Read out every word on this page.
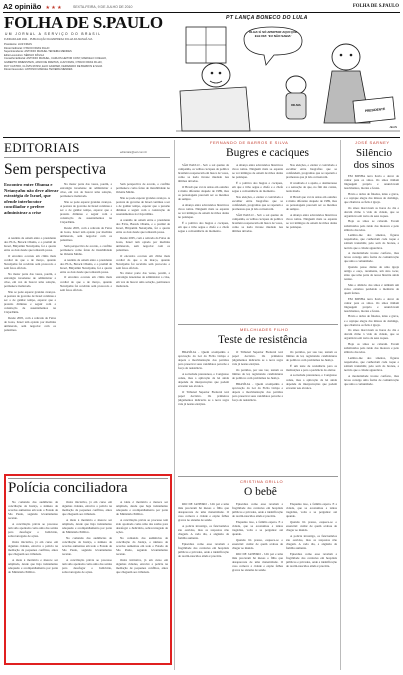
A2 opinião ★ ★ ★	SEXTA-FEIRA, 9 DE JULHO DE 2010	FOLHA DE S.PAULO
FOLHA DE S.PAULO
UM JORNAL A SERVIÇO DO BRASIL
FUNDADA EM 1921 · PUBLICAÇÃO DA EMPRESA FOLHA DA MANHÃ S/A
Presidente: LUIZ FRIAS
Diretor Editorial: OTAVIO FRIAS FILHO
Superintendente: ANTONIO MANUEL TEIXEIRA MENDES
Editor-executivo: SÉRGIO DÁVILA
Conselho Editorial: ANTONIO MANUEL, CARLOS HEITOR CONY, MARCELO COELHO,
GILBERTO DIMENSTEIN, JANIO DE FREITAS, LUIZ FRIAS, OTAVIO FRIAS FILHO,
RUY CASTRO, CLÓVIS ROSSI, ELIO GASPARI, FERNANDO DE BARROS E SILVA
Diretor Executivo: ANTONIO MANUEL TEIXEIRA MENDES
PT LANÇA BONECO DO LULA
OLHA! É SÓ APERTAR AQUI QUE ELE DIZ: 'EU NÃO SABIA'
DILMA
PRESIDENTE
JEAN
EDITORIAIS	editoriais@uol.com.br
Sem perspectiva
Encontro entre Obama e Netanyahu não deve alterar estratégia de Israel, que ofende interlocutor conciliador e prefere administrar a crise

A reunião de ontem entre o presidente dos EUA, Barack Obama, e o premiê de Israel, Binyamin Netanyahu, foi a quarta entre os dois desde que tomaram posse.

O encontro ocorreu em clima mais cordial do que o de março, quando Netanyahu foi recebido sem protocolo e sem fotos oficiais.

Na maior parte das vezes, porém, a estratégia israelense de administrar a crise, em vez de buscar uma solução, permanece inalterada.

Não se pode esperar grandes avanços. A postura do governo de Israel continua a ser a de ganhar tempo, esperar que a pressão diminua e seguir com a construção de assentamentos na Cisjordânia.

Desde 2005, com a retirada da Faixa de Gaza, Israel tem optado por medidas unilaterais, sem negociar com os palestinos.

Na maior parte das vezes, porém, a estratégia israelense de administrar a crise, em vez de buscar uma solução, permanece inalterada.

Não se pode esperar grandes avanços. A postura do governo de Israel continua a ser a de ganhar tempo, esperar que a pressão diminua e seguir com a construção de assentamentos na Cisjordânia.

Desde 2005, com a retirada da Faixa de Gaza, Israel tem optado por medidas unilaterais, sem negociar com os palestinos.

Sem perspectiva de acordo, o conflito permanece como fonte de instabilidade no Oriente Médio.

A reunião de ontem entre o presidente dos EUA, Barack Obama, e o premiê de Israel, Binyamin Netanyahu, foi a quarta entre os dois desde que tomaram posse.

O encontro ocorreu em clima mais cordial do que o de março, quando Netanyahu foi recebido sem protocolo e sem fotos oficiais.

Sem perspectiva de acordo, o conflito permanece como fonte de instabilidade no Oriente Médio.

Não se pode esperar grandes avanços. A postura do governo de Israel continua a ser a de ganhar tempo, esperar que a pressão diminua e seguir com a construção de assentamentos na Cisjordânia.

A reunião de ontem entre o presidente dos EUA, Barack Obama, e o premiê de Israel, Binyamin Netanyahu, foi a quarta entre os dois desde que tomaram posse.

Desde 2005, com a retirada da Faixa de Gaza, Israel tem optado por medidas unilaterais, sem negociar com os palestinos.

O encontro ocorreu em clima mais cordial do que o de março, quando Netanyahu foi recebido sem protocolo e sem fotos oficiais.

Na maior parte das vezes, porém, a estratégia israelense de administrar a crise, em vez de buscar uma solução, permanece inalterada.

Polícia conciliadora

No comando das audiências de conciliação da Justiça, o número de acordos aumentou em todo o Estado de São Paulo, segundo levantamento recente.

A conciliação prévia ao processo tem sido apontada como uma das saídas para desafogar o Judiciário, sobrecarregado de ações.

Outra iniciativa, já em curso em algumas cidades, envolve a polícia na mediação de pequenos conflitos, antes que cheguem aos tribunais.

A ideia é meritória e merece ser ampliada, desde que haja treinamento adequado e acompanhamento por parte do Ministério Público.

Outra iniciativa, já em curso em algumas cidades, envolve a polícia na mediação de pequenos conflitos, antes que cheguem aos tribunais.

A ideia é meritória e merece ser ampliada, desde que haja treinamento adequado e acompanhamento por parte do Ministério Público.

No comando das audiências de conciliação da Justiça, o número de acordos aumentou em todo o Estado de São Paulo, segundo levantamento recente.

A conciliação prévia ao processo tem sido apontada como uma das saídas para desafogar o Judiciário, sobrecarregado de ações.

A ideia é meritória e merece ser ampliada, desde que haja treinamento adequado e acompanhamento por parte do Ministério Público.

A conciliação prévia ao processo tem sido apontada como uma das saídas para desafogar o Judiciário, sobrecarregado de ações.

No comando das audiências de conciliação da Justiça, o número de acordos aumentou em todo o Estado de São Paulo, segundo levantamento recente.

Outra iniciativa, já em curso em algumas cidades, envolve a polícia na mediação de pequenos conflitos, antes que cheguem aos tribunais.

FERNANDO DE BARROS E SILVA
Bugres e caciques

SÃO PAULO - Sob o sol quente da campanha, os velhos caciques da política brasileira reaparecem em busca de votos, como se nada tivesse mudado nas últimas décadas.

O Brasil que vai às urnas em outubro é muito diferente daquele de 1989, mas os personagens parecem ser os mesmos de sempre.

A aliança entre adversários históricos virou rotina. Ninguém mais se espanta ao ver inimigos de ontem de mãos dadas no palanque.

É a política dos bugres e caciques, em que a tribo segue o chefe e o chefe segue a conveniência do momento.

A aliança entre adversários históricos virou rotina. Ninguém mais se espanta ao ver inimigos de ontem de mãos dadas no palanque.

É a política dos bugres e caciques, em que a tribo segue o chefe e o chefe segue a conveniência do momento.

Nas eleições, o eleitor é convidado a escolher entre biografias que se confundem, programas que se repetem e promessas que já não convencem.

SÃO PAULO - Sob o sol quente da campanha, os velhos caciques da política brasileira reaparecem em busca de votos, como se nada tivesse mudado nas últimas décadas.

Nas eleições, o eleitor é convidado a escolher entre biografias que se confundem, programas que se repetem e promessas que já não convencem.

O resultado é a apatia, o desinteresse e a sensação de que, no fim das contas, nada muda.

O Brasil que vai às urnas em outubro é muito diferente daquele de 1989, mas os personagens parecem ser os mesmos de sempre.

A aliança entre adversários históricos virou rotina. Ninguém mais se espanta ao ver inimigos de ontem de mãos dadas no palanque.

MELCHIADES FILHO
Teste de resistência

BRASÍLIA - Quem acompanha a aprovação da Lei da Ficha Limpa e depois a movimentação dos partidos para preservar seus candidatos percebe a força da resistência.

A sociedade pressionou, o Congresso cedeu, mas a aplicação da lei ainda depende de interpretações que podem esvaziar seu alcance.

O Tribunal Superior Eleitoral terá papel decisivo. Os primeiros julgamentos indicarão se a nova regra vale já nestas eleições.

O Tribunal Superior Eleitoral terá papel decisivo. Os primeiros julgamentos indicarão se a nova regra vale já nestas eleições.

Os partidos, por sua vez, testam os limites da lei, registrando candidaturas de políticos com problemas na Justiça.

BRASÍLIA - Quem acompanha a aprovação da Lei da Ficha Limpa e depois a movimentação dos partidos para preservar seus candidatos percebe a força da resistência.

Os partidos, por sua vez, testam os limites da lei, registrando candidaturas de políticos com problemas na Justiça.

É um teste de resistência para as instituições e para a paciência do eleitor.

A sociedade pressionou, o Congresso cedeu, mas a aplicação da lei ainda depende de interpretações que podem esvaziar seu alcance.

CRISTINA GRILLO
O bebê

RIO DE JANEIRO - Um pai e uma mãe procuram há meses o filho que desapareceu de uma maternidade. O caso comove a cidade e expõe falhas graves no sistema de saúde.

A polícia investiga, os funcionários são ouvidos, mas as respostas não chegam. A cada dia, a angústia da família aumenta.

Episódios como esse revelam a fragilidade dos controles em hospitais públicos e privados, onde a identificação de recém-nascidos ainda é precária.

Episódios como esse revelam a fragilidade dos controles em hospitais públicos e privados, onde a identificação de recém-nascidos ainda é precária.

Enquanto isso, a família espera. E a cidade, que se acostumou a tantas tragédias, volta a se perguntar até quando.

Quando há pressa, esquece-se o essencial: cuidar de quem acabou de chegar ao mundo.

RIO DE JANEIRO - Um pai e uma mãe procuram há meses o filho que desapareceu de uma maternidade. O caso comove a cidade e expõe falhas graves no sistema de saúde.

Enquanto isso, a família espera. E a cidade, que se acostumou a tantas tragédias, volta a se perguntar até quando.

Quando há pressa, esquece-se o essencial: cuidar de quem acabou de chegar ao mundo.

A polícia investiga, os funcionários são ouvidos, mas as respostas não chegam. A cada dia, a angústia da família aumenta.

Episódios como esse revelam a fragilidade dos controles em hospitais públicos e privados, onde a identificação de recém-nascidos ainda é precária.

JOSÉ SARNEY
Silêncio dos sinos

EM MINHA terra havia o dever de cantar para os sinos. Os sinos tinham linguagem própria e anunciavam nascimentos, mortes e festas.

Havia o dobre de finados, lento e grave, e o repique alegre das missas de domingo, que chamava os fiéis à igreja.

Os sinos marcavam as horas do dia e davam ritmo à vida da cidade, que se organizava em torno de seus toques.

Hoje os sinos se calaram. Foram substituídos pelo ruído dos motores e pelo silêncio das telas.

Lembro-me dos sineiros, figuras respeitadas, que conheciam cada toque e sabiam transmitir, pelo som do bronze, a notícia que a cidade aguardava.

A modernidade trouxe conforto, mas levou consigo uma forma de comunicação que unia a comunidade.

Quando passo diante de uma igreja antiga e ouço, raramente, um sino tocar, sinto que uma parte da nossa história ainda resiste.

Mas o silêncio dos sinos é também um aviso: estamos perdendo a memória de quem fomos.

EM MINHA terra havia o dever de cantar para os sinos. Os sinos tinham linguagem própria e anunciavam nascimentos, mortes e festas.

Havia o dobre de finados, lento e grave, e o repique alegre das missas de domingo, que chamava os fiéis à igreja.

Os sinos marcavam as horas do dia e davam ritmo à vida da cidade, que se organizava em torno de seus toques.

Hoje os sinos se calaram. Foram substituídos pelo ruído dos motores e pelo silêncio das telas.

Lembro-me dos sineiros, figuras respeitadas, que conheciam cada toque e sabiam transmitir, pelo som do bronze, a notícia que a cidade aguardava.

A modernidade trouxe conforto, mas levou consigo uma forma de comunicação que unia a comunidade.
